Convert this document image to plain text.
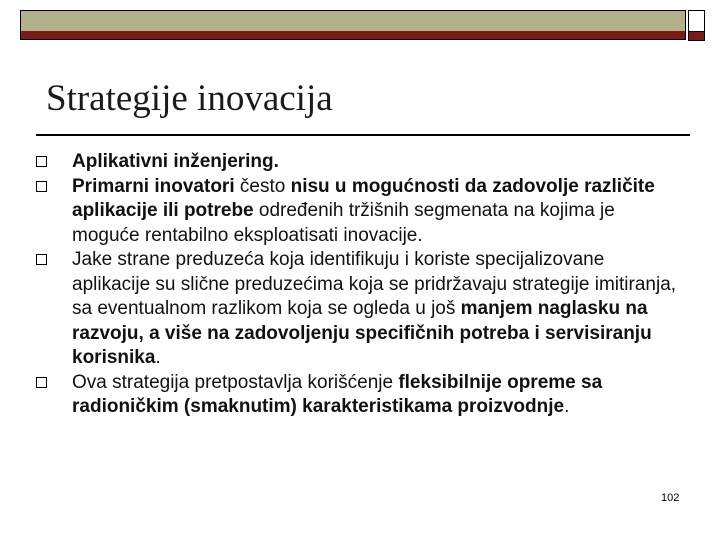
Strategije inovacija
Aplikativni inženjering.
Primarni inovatori često nisu u mogućnosti da zadovolje različite aplikacije ili potrebe određenih tržišnih segmenata na kojima je moguće rentabilno eksploatisati inovacije.
Jake strane preduzeća koja identifikuju i koriste specijalizovane aplikacije su slične preduzećima koja se pridržavaju strategije imitiranja, sa eventualnom razlikom koja se ogleda u još manjem naglasku na razvoju, a više na zadovoljenju specifičnih potreba i servisiranju korisnika.
Ova strategija pretpostavlja korišćenje fleksibilnije opreme sa radioničkim (smaknutim) karakteristikama proizvodnje.
102
